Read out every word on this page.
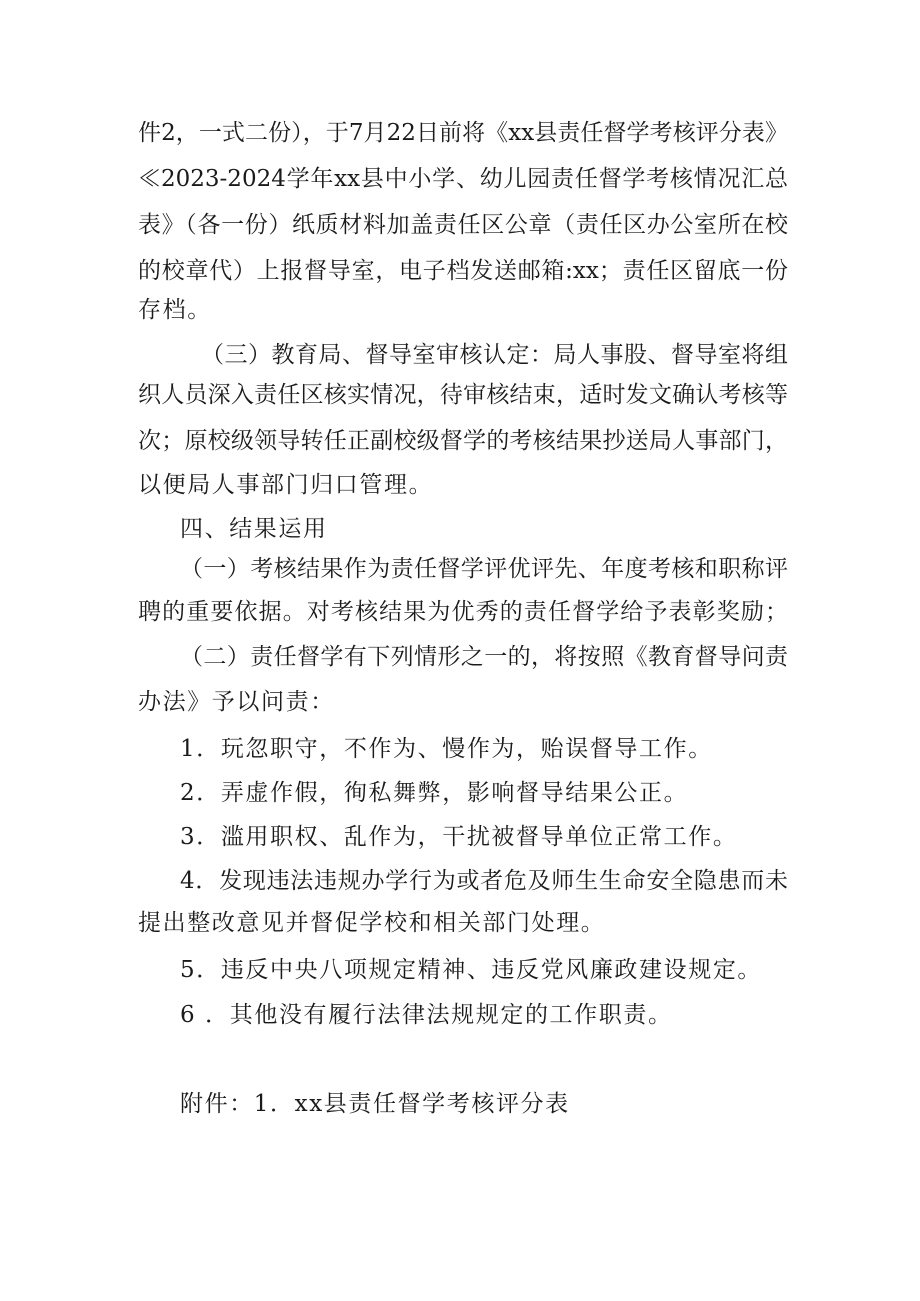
件2，一式二份），于7月22日前将《xx县责任督学考核评分表》
≪2023-2024学年xx县中小学、幼儿园责任督学考核情况汇总
表》（各一份）纸质材料加盖责任区公章（责任区办公室所在校
的校章代）上报督导室，电子档发送邮箱:xx；责任区留底一份
存档。
（三）教育局、督导室审核认定：局人事股、督导室将组
织人员深入责任区核实情况，待审核结束，适时发文确认考核等
次；原校级领导转任正副校级督学的考核结果抄送局人事部门，
以便局人事部门归口管理。
四、结果运用
（一）考核结果作为责任督学评优评先、年度考核和职称评
聘的重要依据。对考核结果为优秀的责任督学给予表彰奖励；
（二）责任督学有下列情形之一的，将按照《教育督导问责
办法》予以问责：
1．玩忽职守，不作为、慢作为，贻误督导工作。
2．弄虚作假，徇私舞弊，影响督导结果公正。
3．滥用职权、乱作为，干扰被督导单位正常工作。
4．发现违法违规办学行为或者危及师生生命安全隐患而未
提出整改意见并督促学校和相关部门处理。
5．违反中央八项规定精神、违反党风廉政建设规定。
6 ．其他没有履行法律法规规定的工作职责。
附件：1．xx县责任督学考核评分表
